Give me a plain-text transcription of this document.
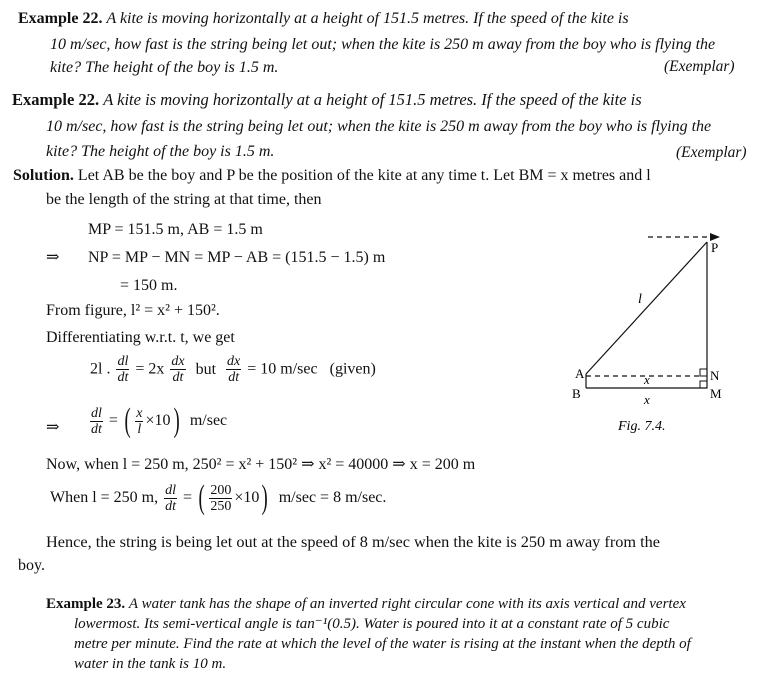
Example 22. A kite is moving horizontally at a height of 151.5 metres. If the speed of the kite is
10 m/sec, how fast is the string being let out; when the kite is 250 m away from the boy who is flying the
kite? The height of the boy is 1.5 m.	(Exemplar)
Example 22. A kite is moving horizontally at a height of 151.5 metres. If the speed of the kite is
10 m/sec, how fast is the string being let out; when the kite is 250 m away from the boy who is flying the
kite? The height of the boy is 1.5 m.	(Exemplar)
Solution. Let AB be the boy and P be the position of the kite at any time t. Let BM = x metres and l
be the length of the string at that time, then
MP = 151.5 m, AB = 1.5 m
⇒ NP = MP − MN = MP − AB = (151.5 − 1.5) m
= 150 m.
From figure, l² = x² + 150².
Differentiating w.r.t. t, we get
2l . $\frac{dl}{dt} = 2x \frac{dx}{dt}$ but $\frac{dx}{dt} = 10$ m/sec   (given)
⇒ $\frac{dl}{dt}$ = ( $\frac{x}{l} \times 10$) m/sec
Now, when l = 250 m, 250² = x² + 150² ⇒ x² = 40000 ⇒ x = 200 m
When l = 250 m, $\frac{dl}{dt}$ = ( $\frac{200}{250} \times 10$) m/sec = 8 m/sec.
Hence, the string is being let out at the speed of 8 m/sec when the kite is 250 m away from the
boy.
P
l
A
B
N
M
x
x
Fig. 7.4.
Example 23. A water tank has the shape of an inverted right circular cone with its axis vertical and vertex
lowermost. Its semi-vertical angle is tan⁻¹(0.5). Water is poured into it at a constant rate of 5 cubic
metre per minute. Find the rate at which the level of the water is rising at the instant when the depth of
water in the tank is 10 m.
